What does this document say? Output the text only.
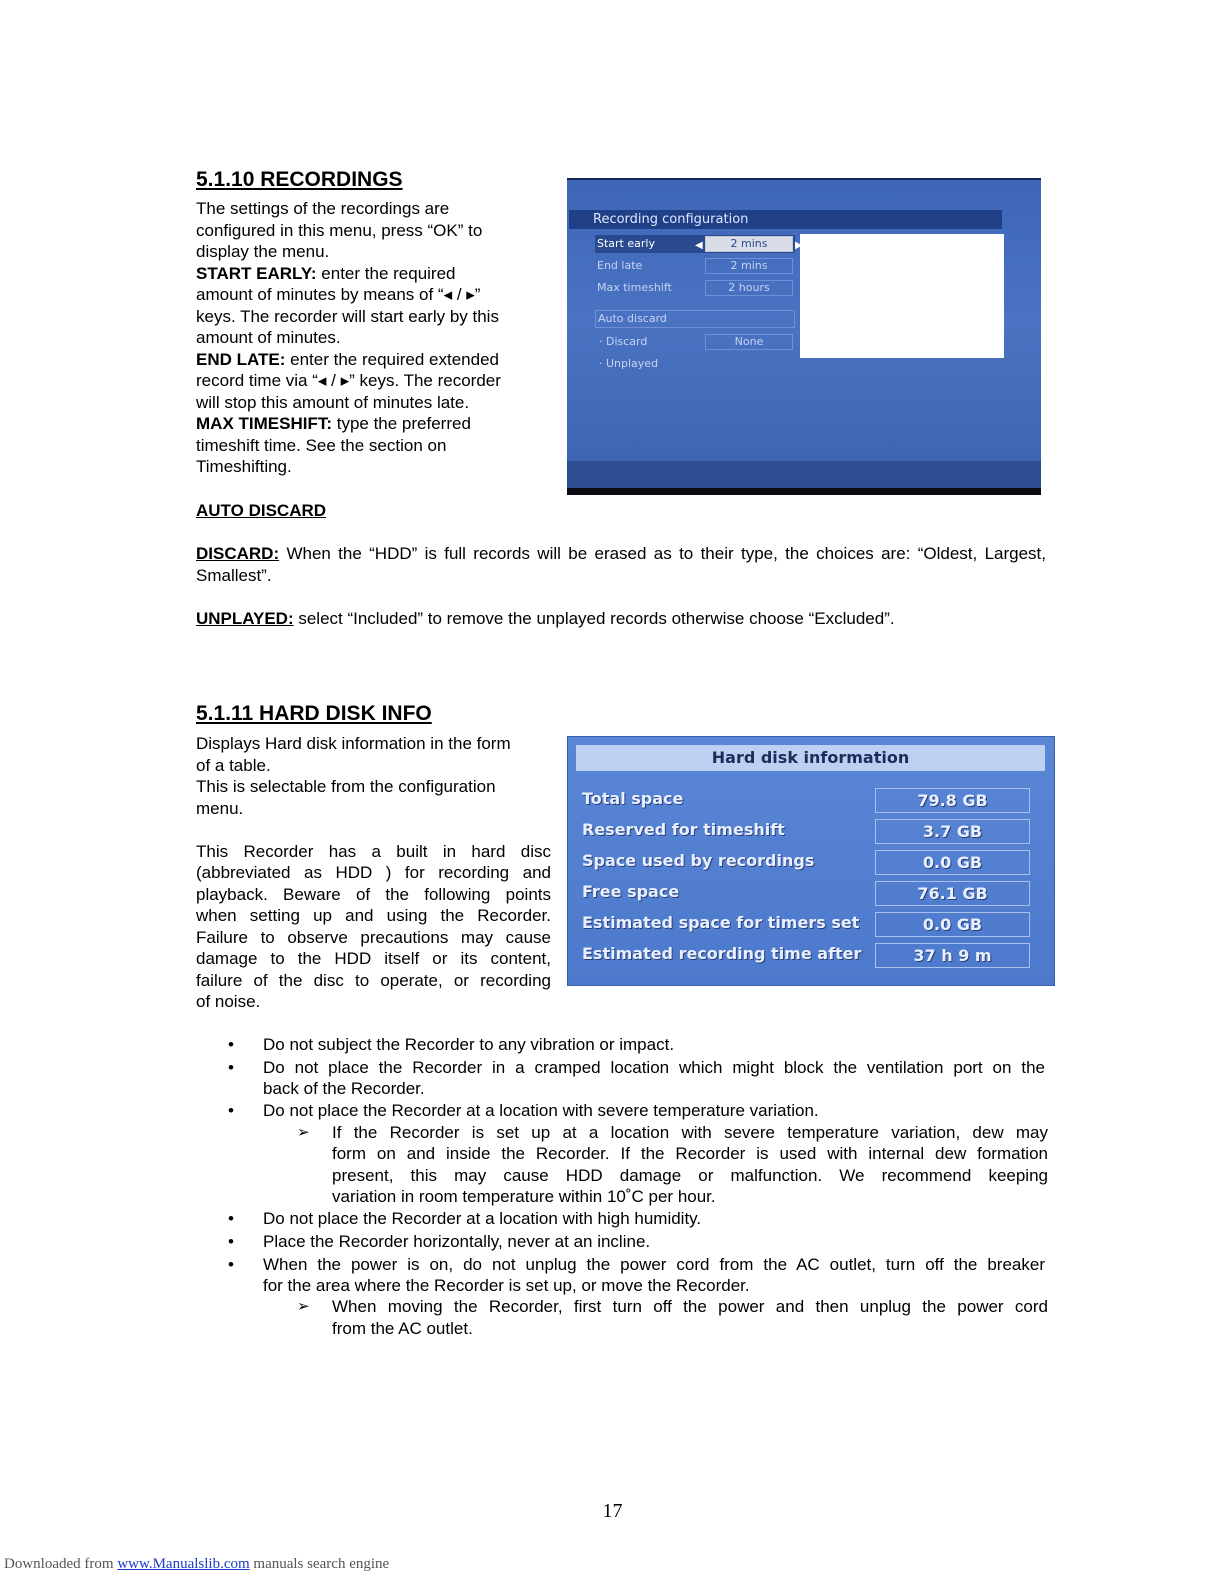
5.1.10 RECORDINGS

The settings of the recordings are

configured in this menu, press “OK” to

display the menu.

START EARLY: enter the required

amount of minutes by means of “◂ / ▸”

keys. The recorder will start early by this

amount of minutes.

END LATE: enter the required extended

record time via “◂ / ▸” keys. The recorder

will stop this amount of minutes late.

MAX TIMESHIFT: type the preferred

timeshift time. See the section on

Timeshifting.

Recording configuration
Start early	◀	2 mins	▶
End late	2 mins
Max timeshift	2 hours
Auto discard
· Discard	None
· Unplayed
AUTO DISCARD

DISCARD: When the “HDD” is full records will be erased as to their type, the choices are: “Oldest, Largest, Smallest”.

UNPLAYED: select “Included” to remove the unplayed records otherwise choose “Excluded”.

5.1.11 HARD DISK INFO

Displays Hard disk information in the form

of a table.

This is selectable from the configuration

menu.

This Recorder has a built in hard disc

(abbreviated as HDD ) for recording and

playback. Beware of the following points

when setting up and using the Recorder.

Failure to observe precautions may cause

damage to the HDD itself or its content,

failure of the disc to operate, or recording

of noise.

Hard disk information
Total space	79.8 GB
Reserved for timeshift	3.7 GB
Space used by recordings	0.0 GB
Free space	76.1 GB
Estimated space for timers set	0.0 GB
Estimated recording time after	37 h 9 m
• Do not subject the Recorder to any vibration or impact.
• Do not place the Recorder in a cramped location which might block the ventilation port on the
back of the Recorder.
• Do not place the Recorder at a location with severe temperature variation.
➢ If the Recorder is set up at a location with severe temperature variation, dew may
form on and inside the Recorder. If the Recorder is used with internal dew formation
present, this may cause HDD damage or malfunction. We recommend keeping
variation in room temperature within 10˚C per hour.
• Do not place the Recorder at a location with high humidity.
• Place the Recorder horizontally, never at an incline.
• When the power is on, do not unplug the power cord from the AC outlet, turn off the breaker
for the area where the Recorder is set up, or move the Recorder.
➢ When moving the Recorder, first turn off the power and then unplug the power cord
from the AC outlet.
17
Downloaded from www.Manualslib.com manuals search engine
